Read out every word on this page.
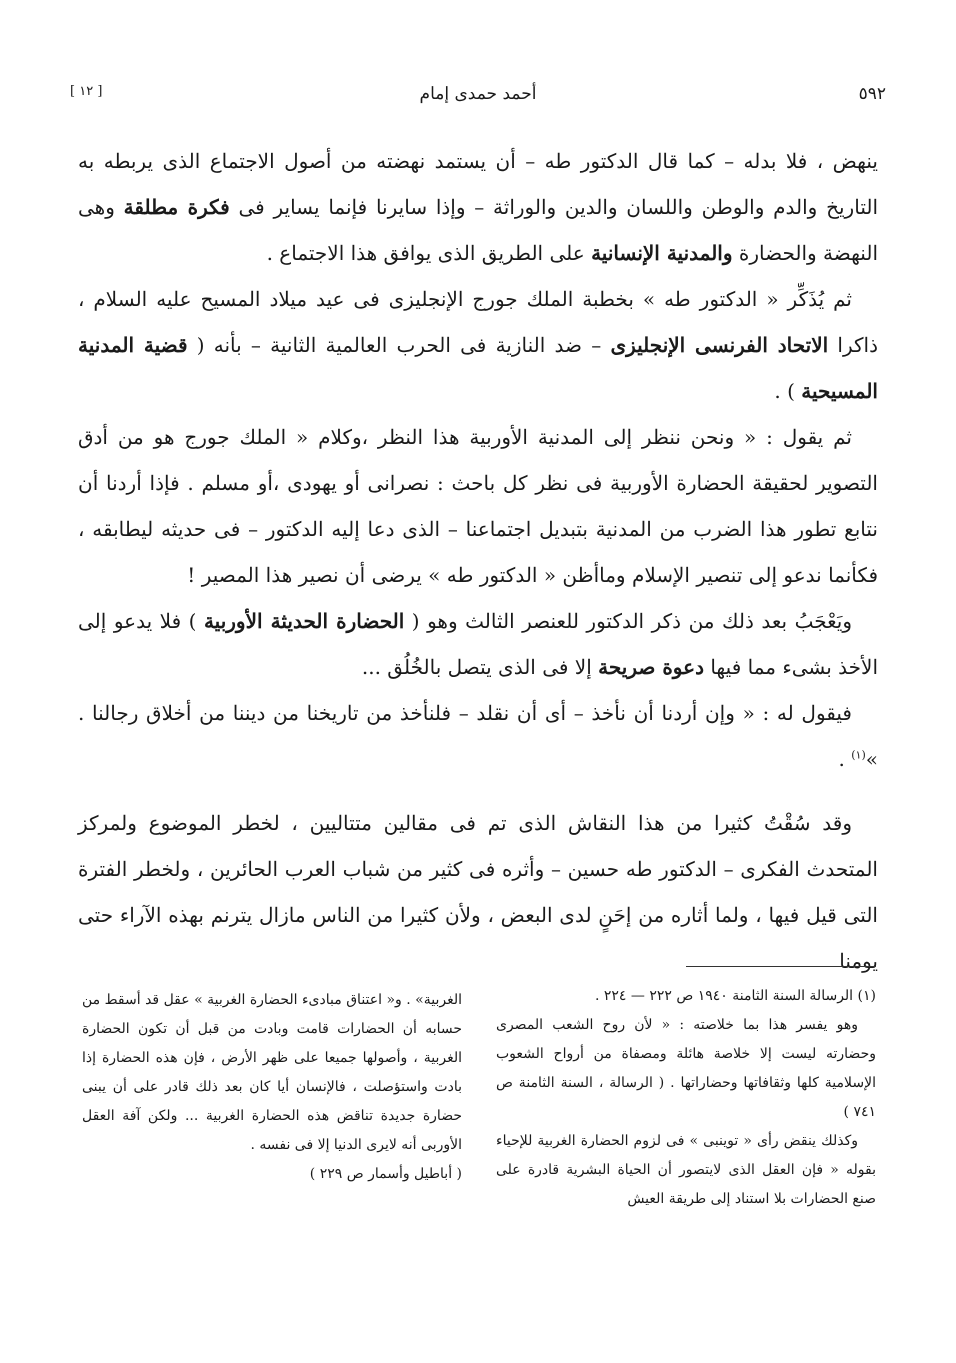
٥٩٢
أحمد حمدى إمام
[ ١٢ ]

ينهض ، فلا بدله – كما قال الدكتور طه – أن يستمد نهضته من أصول الاجتماع الذى يربطه به التاريخ والدم والوطن واللسان والدين والوراثة – وإذا سايرنا فإنما يساير فى فكرة مطلقة وهى النهضة والحضارة والمدنية الإنسانية على الطريق الذى يوافق هذا الاجتماع .

ثم يُذَكِّر « الدكتور طه » بخطبة الملك جورج الإنجليزى فى عيد ميلاد المسيح عليه السلام ، ذاكرا الاتحاد الفرنسى الإنجليزى – ضد النازية فى الحرب العالمية الثانية – بأنه ( قضية المدنية المسيحية ) .

ثم يقول : « ونحن ننظر إلى المدنية الأوربية هذا النظر ،وكلام « الملك جورج هو من أدق التصوير لحقيقة الحضارة الأوربية فى نظر كل باحث : نصرانى أو يهودى ،أو مسلم . فإذا أردنا أن نتابع تطور هذا الضرب من المدنية بتبديل اجتماعنا – الذى دعا إليه الدكتور – فى حديثه ليطابقه ، فكأنما ندعو إلى تنصير الإسلام وماأظن « الدكتور طه » يرضى أن نصير هذا المصير !

ويَعْجَبُ بعد ذلك من ذكر الدكتور للعنصر الثالث وهو ( الحضارة الحديثة الأوربية ) فلا يدعو إلى الأخذ بشىء مما فيها دعوة صريحة إلا فى الذى يتصل بالخُلُق ...

فيقول له : « وإن أردنا أن نأخذ – أى أن نقلد – فلنأخذ من تاريخنا من ديننا من أخلاق رجالنا . »$^{(١)}$ .

وقد سُقْتُ كثيرا من هذا النقاش الذى تم فى مقالين متتاليين ، لخطر الموضوع ولمركز المتحدث الفكرى – الدكتور طه حسين – وأثره فى كثير من شباب العرب الحائرين ، ولخطر الفترة التى قيل فيها ، ولما أثاره من إحَنٍ لدى البعض ، ولأن كثيرا من الناس مازال يترنم بهذه الآراء حتى يومنا

(١) الرسالة السنة الثامنة ١٩٤٠ ص ٢٢٢ — ٢٢٤ .

وهو يفسر هذا بما خلاصته : « لأن روح الشعب المصرى وحضارته ليست إلا خلاصة هائلة ومصفاة من أرواح الشعوب الإسلامية كلها وثقافاتها وحضاراتها . ( الرسالة ، السنة الثامنة ص ٧٤١ )

وكذلك ينقض رأى « توينبى » فى لزوم الحضارة الغربية للإحياء بقوله « فإن العقل الذى لايتصور أن الحياة البشرية قادرة على صنع الحضارات بلا استناد إلى طريقة العيش

الغربية» . و« اعتناق مبادىء الحضارة الغربية » عقل قد أسقط من حسابه أن الحضارات قامت وبادت من قبل أن تكون الحضارة الغربية ، وأصولها جميعا على ظهر الأرض ، فإن هذه الحضارة إذا بادت واستؤصلت ، فالإنسان أيا كان بعد ذلك قادر على أن يبنى حضارة جديدة تناقض هذه الحضارة الغربية ... ولكن آفة العقل الأوربى أنه لايرى الدنيا إلا فى نفسه .

( أباطيل وأسمار ص ٢٢٩ )
